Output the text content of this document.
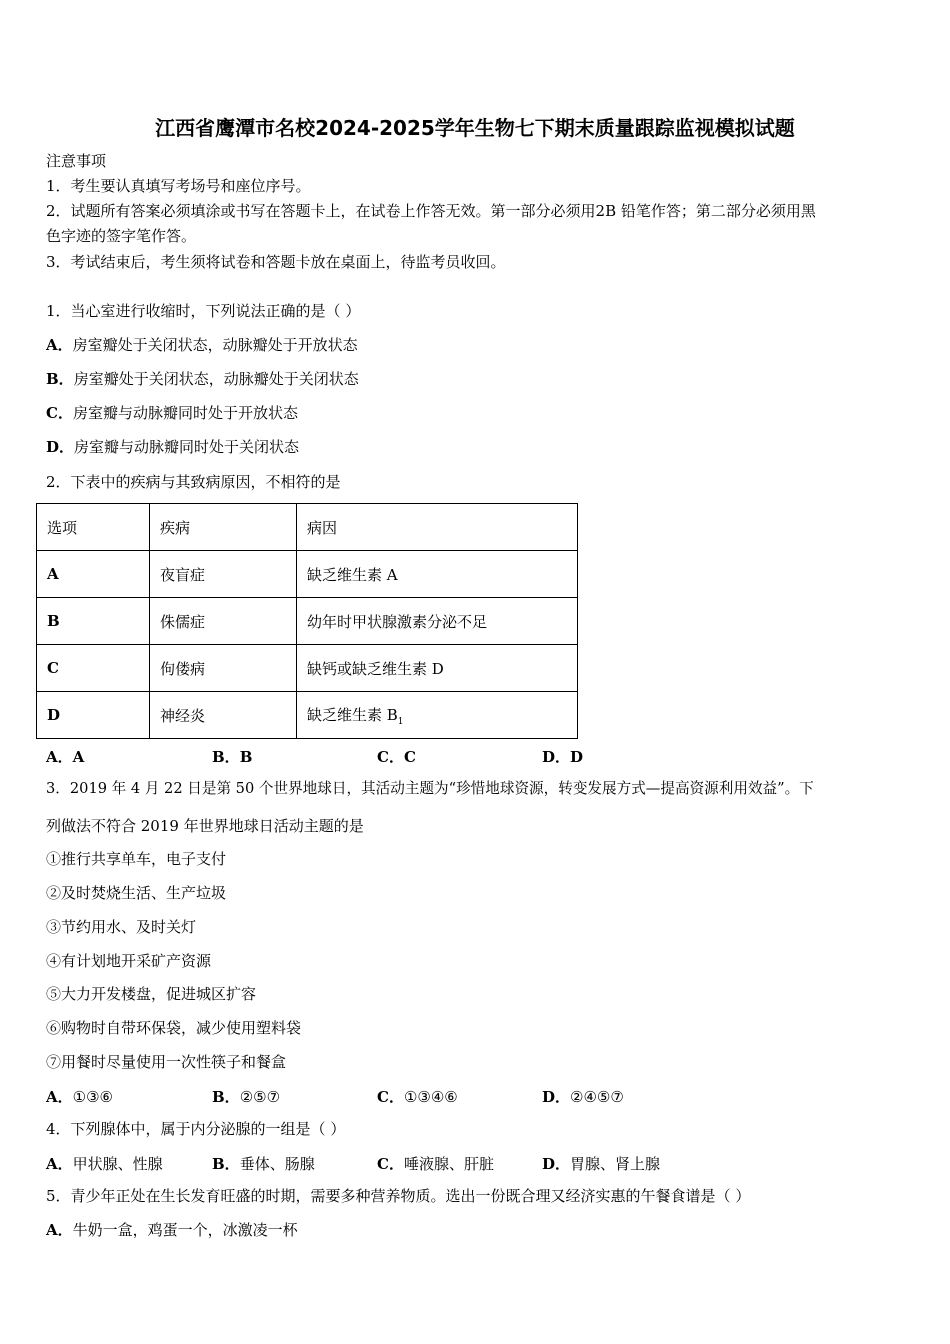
江西省鹰潭市名校2024-2025学年生物七下期末质量跟踪监视模拟试题
注意事项
1．考生要认真填写考场号和座位序号。
2．试题所有答案必须填涂或书写在答题卡上，在试卷上作答无效。第一部分必须用2B 铅笔作答；第二部分必须用黑
色字迹的签字笔作答。
3．考试结束后，考生须将试卷和答题卡放在桌面上，待监考员收回。
1．当心室进行收缩时，下列说法正确的是（ ）
A．房室瓣处于关闭状态，动脉瓣处于开放状态
B．房室瓣处于关闭状态，动脉瓣处于关闭状态
C．房室瓣与动脉瓣同时处于开放状态
D．房室瓣与动脉瓣同时处于关闭状态
2．下表中的疾病与其致病原因，不相符的是
选项	疾病	病因
A	夜盲症	缺乏维生素 A
B	侏儒症	幼年时甲状腺激素分泌不足
C	佝偻病	缺钙或缺乏维生素 D
D	神经炎	缺乏维生素 $B_1$
A．A	B．B	C．C	D．D
3．2019 年 4 月 22 日是第 50 个世界地球日，其活动主题为“珍惜地球资源，转变发展方式—提高资源利用效益”。下
列做法不符合 2019 年世界地球日活动主题的是
①推行共享单车，电子支付
②及时焚烧生活、生产垃圾
③节约用水、及时关灯
④有计划地开采矿产资源
⑤大力开发楼盘，促进城区扩容
⑥购物时自带环保袋，减少使用塑料袋
⑦用餐时尽量使用一次性筷子和餐盒
A．①③⑥	B．②⑤⑦	C．①③④⑥	D．②④⑤⑦
4．下列腺体中，属于内分泌腺的一组是（ ）
A．甲状腺、性腺	B．垂体、肠腺	C．唾液腺、肝脏	D．胃腺、肾上腺
5．青少年正处在生长发育旺盛的时期，需要多种营养物质。选出一份既合理又经济实惠的午餐食谱是（ ）
A．牛奶一盒，鸡蛋一个，冰激凌一杯
